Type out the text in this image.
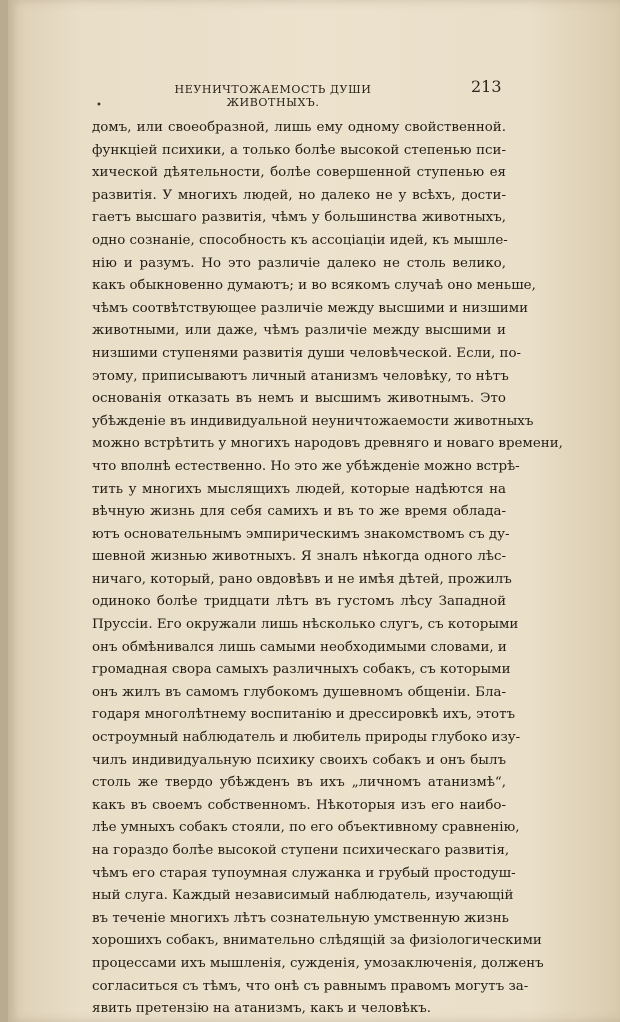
НЕУНИЧТОЖАЕМОСТЬ ДУШИ ЖИВОТНЫХЪ.
213
•
домъ, или своеобразной, лишь ему одному свойственной.
функціей психики, а только болѣе высокой степенью пси-
хической дѣятельности, болѣе совершенной ступенью ея
развитія. У многихъ людей, но далеко не у всѣхъ, дости-
гаетъ высшаго развитія, чѣмъ у большинства животныхъ,
одно сознаніе, способность къ ассоціаціи идей, къ мышле-
нію и разумъ. Но это различіе далеко не столь велико,
какъ обыкновенно думаютъ; и во всякомъ случаѣ оно меньше,
чѣмъ соотвѣтствующее различіе между высшими и низшими
животными, или даже, чѣмъ различіе между высшими и
низшими ступенями развитія души человѣческой. Если, по-
этому, приписываютъ личный атанизмъ человѣку, то нѣтъ
основанія отказать въ немъ и высшимъ животнымъ. Это
убѣжденіе въ индивидуальной неуничтожаемости животныхъ
можно встрѣтить у многихъ народовъ древняго и новаго времени,
что вполнѣ естественно. Но это же убѣжденіе можно встрѣ-
тить у многихъ мыслящихъ людей, которые надѣются на
вѣчную жизнь для себя самихъ и въ то же время облада-
ютъ основательнымъ эмпирическимъ знакомствомъ съ ду-
шевной жизнью животныхъ. Я зналъ нѣкогда одного лѣс-
ничаго, который, рано овдовѣвъ и не имѣя дѣтей, прожилъ
одиноко болѣе тридцати лѣтъ въ густомъ лѣсу Западной
Пруссіи. Его окружали лишь нѣсколько слугъ, съ которыми
онъ обмѣнивался лишь самыми необходимыми словами, и
громадная свора самыхъ различныхъ собакъ, съ которыми
онъ жилъ въ самомъ глубокомъ душевномъ общеніи. Бла-
годаря многолѣтнему воспитанію и дрессировкѣ ихъ, этотъ
остроумный наблюдатель и любитель природы глубоко изу-
чилъ индивидуальную психику своихъ собакъ и онъ былъ
столь же твердо убѣжденъ въ ихъ „личномъ атанизмѣ“,
какъ въ своемъ собственномъ. Нѣкоторыя изъ его наибо-
лѣе умныхъ собакъ стояли, по его объективному сравненію,
на гораздо болѣе высокой ступени психическаго развитія,
чѣмъ его старая тупоумная служанка и грубый простодуш-
ный слуга. Каждый независимый наблюдатель, изучающій
въ теченіе многихъ лѣтъ сознательную умственную жизнь
хорошихъ собакъ, внимательно слѣдящій за физіологическими
процессами ихъ мышленія, сужденія, умозаключенія, долженъ
согласиться съ тѣмъ, что онѣ съ равнымъ правомъ могутъ за-
явить претензію на атанизмъ, какъ и человѣкъ.
